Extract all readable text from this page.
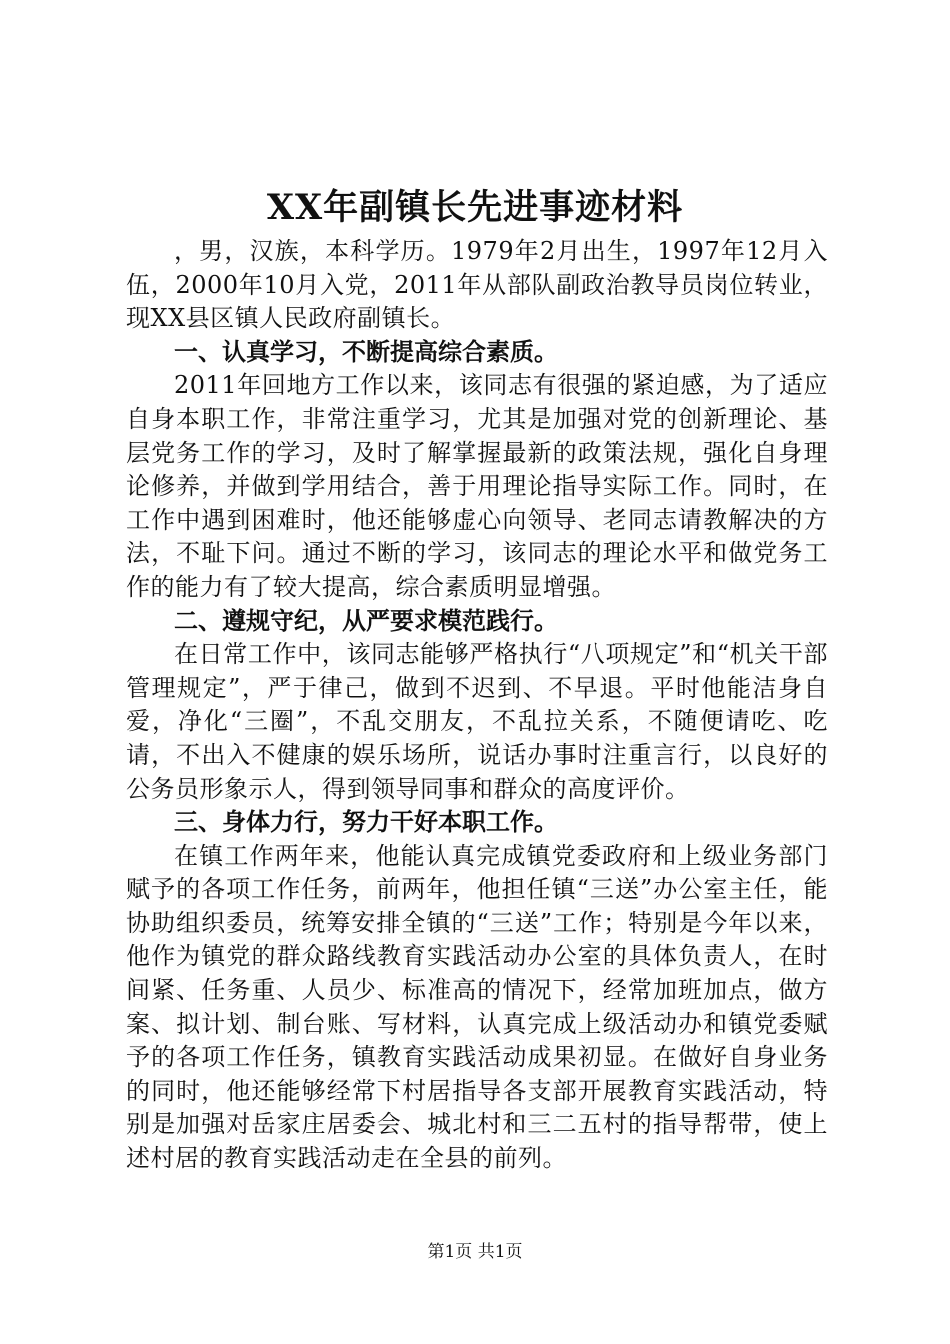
XX年副镇长先进事迹材料

，男，汉族，本科学历。1979年2月出生，1997年12月入伍，2000年10月入党，2011年从部队副政治教导员岗位转业，现XX县区镇人民政府副镇长。

一、认真学习，不断提高综合素质。

2011年回地方工作以来，该同志有很强的紧迫感，为了适应自身本职工作，非常注重学习，尤其是加强对党的创新理论、基层党务工作的学习，及时了解掌握最新的政策法规，强化自身理论修养，并做到学用结合，善于用理论指导实际工作。同时，在工作中遇到困难时，他还能够虚心向领导、老同志请教解决的方法，不耻下问。通过不断的学习，该同志的理论水平和做党务工作的能力有了较大提高，综合素质明显增强。

二、遵规守纪，从严要求模范践行。

在日常工作中，该同志能够严格执行“八项规定”和“机关干部管理规定”，严于律己，做到不迟到、不早退。平时他能洁身自爱，净化“三圈”，不乱交朋友，不乱拉关系，不随便请吃、吃请，不出入不健康的娱乐场所，说话办事时注重言行，以良好的公务员形象示人，得到领导同事和群众的高度评价。

三、身体力行，努力干好本职工作。

在镇工作两年来，他能认真完成镇党委政府和上级业务部门赋予的各项工作任务，前两年，他担任镇“三送”办公室主任，能协助组织委员，统筹安排全镇的“三送”工作；特别是今年以来，他作为镇党的群众路线教育实践活动办公室的具体负责人，在时间紧、任务重、人员少、标准高的情况下，经常加班加点，做方案、拟计划、制台账、写材料，认真完成上级活动办和镇党委赋予的各项工作任务，镇教育实践活动成果初显。在做好自身业务的同时，他还能够经常下村居指导各支部开展教育实践活动，特别是加强对岳家庄居委会、城北村和三二五村的指导帮带，使上述村居的教育实践活动走在全县的前列。

第1页 共1页
